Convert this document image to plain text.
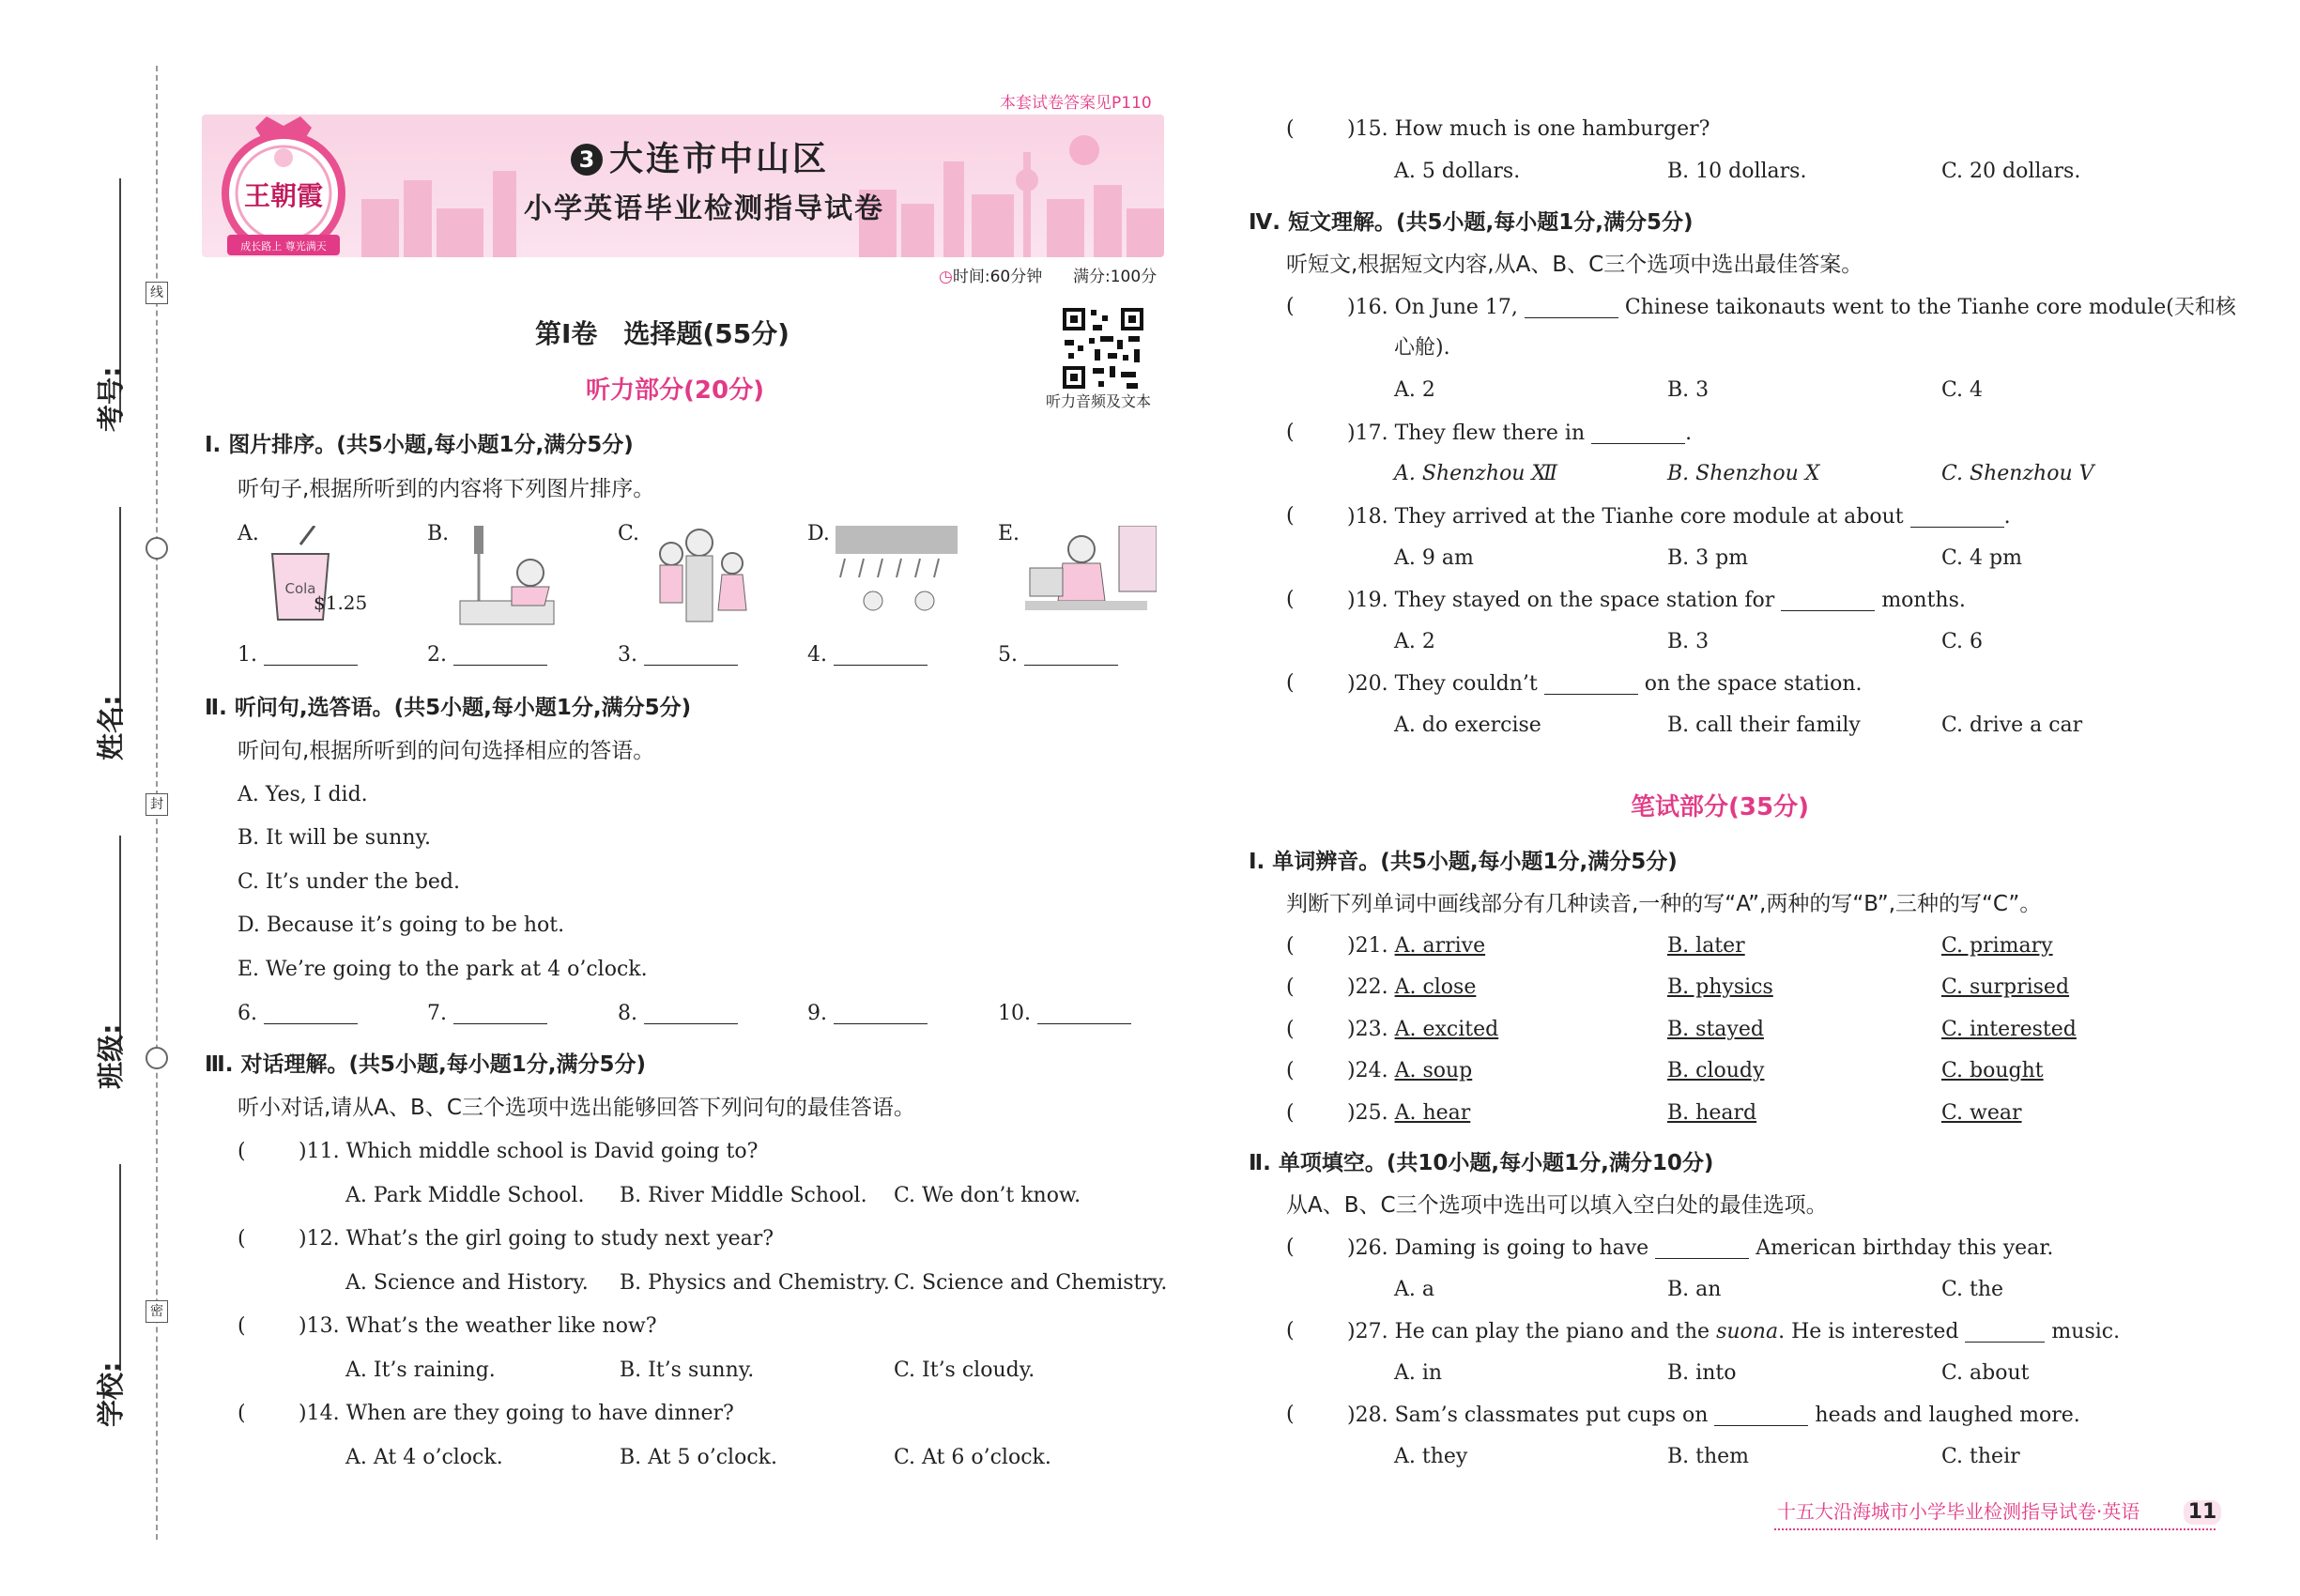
考号:
姓名:
班级:
学校:
线
封
密
本套试卷答案见P110
王朝霞
成长路上 尊光满天
3 大连市中山区
小学英语毕业检测指导试卷
◷时间:60分钟 满分:100分
听力音频及文本
第Ⅰ卷　选择题(55分)
听力部分(20分)
Ⅰ. 图片排序。(共5小题,每小题1分,满分5分)
听句子,根据所听到的内容将下列图片排序。
A.	B.	C.	D.	E.
Cola
$1.25
1.	2.	3.	4.	5.
Ⅱ. 听问句,选答语。(共5小题,每小题1分,满分5分)
听问句,根据所听到的问句选择相应的答语。
A. Yes, I did.
B. It will be sunny.
C. It’s under the bed.
D. Because it’s going to be hot.
E. We’re going to the park at 4 o’clock.
6.	7.	8.	9.	10.
Ⅲ. 对话理解。(共5小题,每小题1分,满分5分)
听小对话,请从A、B、C三个选项中选出能够回答下列问句的最佳答语。
(	)11. Which middle school is David going to?
A. Park Middle School. B. River Middle School. C. We don’t know.
(	)12. What’s the girl going to study next year?
A. Science and History. B. Physics and Chemistry. C. Science and Chemistry.
(	)13. What’s the weather like now?
A. It’s raining.	B. It’s sunny.	C. It’s cloudy.
(	)14. When are they going to have dinner?
A. At 4 o’clock.	B. At 5 o’clock.	C. At 6 o’clock.
(	)15. How much is one hamburger?
A. 5 dollars.	B. 10 dollars.	C. 20 dollars.
Ⅳ. 短文理解。(共5小题,每小题1分,满分5分)
听短文,根据短文内容,从A、B、C三个选项中选出最佳答案。
(	)16. On June 17,	Chinese taikonauts went to the Tianhe core module(天和核
心舱).
A. 2	B. 3	C. 4
(	)17. They flew there in	.
A. Shenzhou Ⅻ	B. Shenzhou Ⅹ	C. Shenzhou Ⅴ
(	)18. They arrived at the Tianhe core module at about	.
A. 9 am	B. 3 pm	C. 4 pm
(	)19. They stayed on the space station for	months.
A. 2	B. 3	C. 6
(	)20. They couldn’t	on the space station.
A. do exercise	B. call their family	C. drive a car
笔试部分(35分)
Ⅰ. 单词辨音。(共5小题,每小题1分,满分5分)
判断下列单词中画线部分有几种读音,一种的写“A”,两种的写“B”,三种的写“C”。
(	)21. A. arrive	B. later	C. primary
(	)22. A. close	B. physics	C. surprised
(	)23. A. excited	B. stayed	C. interested
(	)24. A. soup	B. cloudy	C. bought
(	)25. A. hear	B. heard	C. wear
Ⅱ. 单项填空。(共10小题,每小题1分,满分10分)
从A、B、C三个选项中选出可以填入空白处的最佳选项。
(	)26. Daming is going to have	American birthday this year.
A. a	B. an	C. the
(	)27. He can play the piano and the suona. He is interested	music.
A. in	B. into	C. about
(	)28. Sam’s classmates put cups on	heads and laughed more.
A. they	B. them	C. their
十五大沿海城市小学毕业检测指导试卷·英语 11
